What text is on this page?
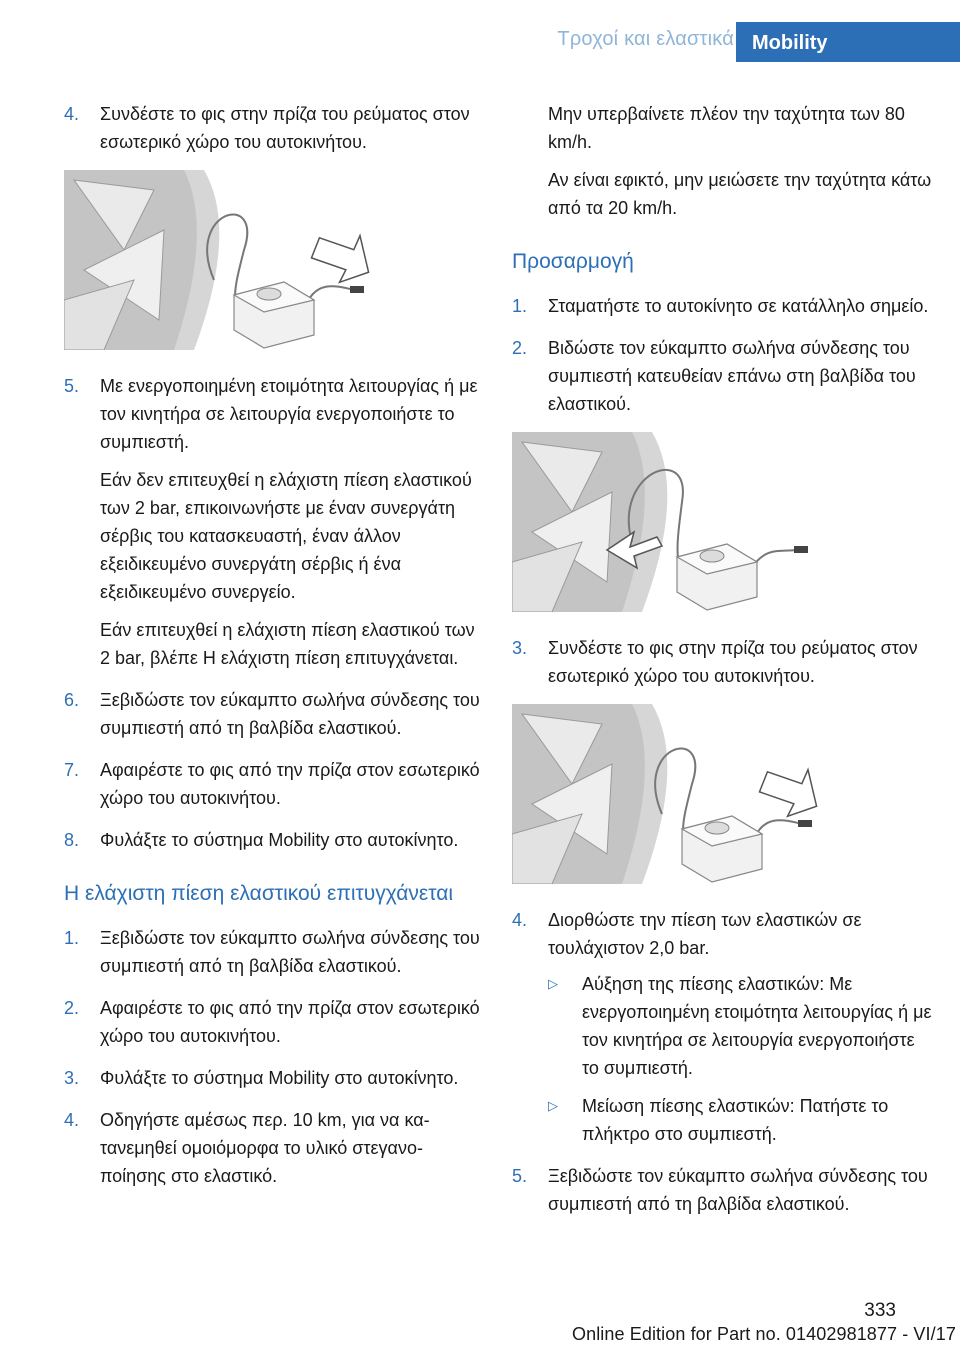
Τροχοί και ελαστικά Mobility
4. Συνδέστε το φις στην πρίζα του ρεύματος στον εσωτερικό χώρο του αυτοκινήτου.
5. Με ενεργοποιημένη ετοιμότητα λειτουργίας ή με τον κινητήρα σε λειτουργία ενεργοποιήστε το συμπιεστή.
Εάν δεν επιτευχθεί η ελάχιστη πίεση ελαστικού των 2 bar, επικοινωνήστε με έναν συνεργάτη σέρβις του κατασκευαστή, έναν άλλον εξειδικευμένο συνεργάτη σέρβις ή ένα εξειδικευμένο συνεργείο.
Εάν επιτευχθεί η ελάχιστη πίεση ελαστικού των 2 bar, βλέπε Η ελάχιστη πίεση επιτυγχάνεται.
6. Ξεβιδώστε τον εύκαμπτο σωλήνα σύνδεσης του συμπιεστή από τη βαλβίδα ελαστικού.
7. Αφαιρέστε το φις από την πρίζα στον εσωτερικό χώρο του αυτοκινήτου.
8. Φυλάξτε το σύστημα Mobility στο αυτοκίνητο.
Η ελάχιστη πίεση ελαστικού επιτυγχάνεται
1. Ξεβιδώστε τον εύκαμπτο σωλήνα σύνδεσης του συμπιεστή από τη βαλβίδα ελαστικού.
2. Αφαιρέστε το φις από την πρίζα στον εσωτερικό χώρο του αυτοκινήτου.
3. Φυλάξτε το σύστημα Mobility στο αυτοκίνητο.
4. Οδηγήστε αμέσως περ. 10 km, για να κατανεμηθεί ομοιόμορφα το υλικό στεγανοποίησης στο ελαστικό.
Μην υπερβαίνετε πλέον την ταχύτητα των 80 km/h.
Αν είναι εφικτό, μην μειώσετε την ταχύτητα κάτω από τα 20 km/h.
Προσαρμογή
1. Σταματήστε το αυτοκίνητο σε κατάλληλο σημείο.
2. Βιδώστε τον εύκαμπτο σωλήνα σύνδεσης του συμπιεστή κατευθείαν επάνω στη βαλβίδα του ελαστικού.
3. Συνδέστε το φις στην πρίζα του ρεύματος στον εσωτερικό χώρο του αυτοκινήτου.
4. Διορθώστε την πίεση των ελαστικών σε τουλάχιστον 2,0 bar.
▷ Αύξηση της πίεσης ελαστικών: Με ενεργοποιημένη ετοιμότητα λειτουργίας ή με τον κινητήρα σε λειτουργία ενεργοποιήστε το συμπιεστή.
▷ Μείωση πίεσης ελαστικών: Πατήστε το πλήκτρο στο συμπιεστή.
5. Ξεβιδώστε τον εύκαμπτο σωλήνα σύνδεσης του συμπιεστή από τη βαλβίδα ελαστικού.
333
Online Edition for Part no. 01402981877 - VI/17
